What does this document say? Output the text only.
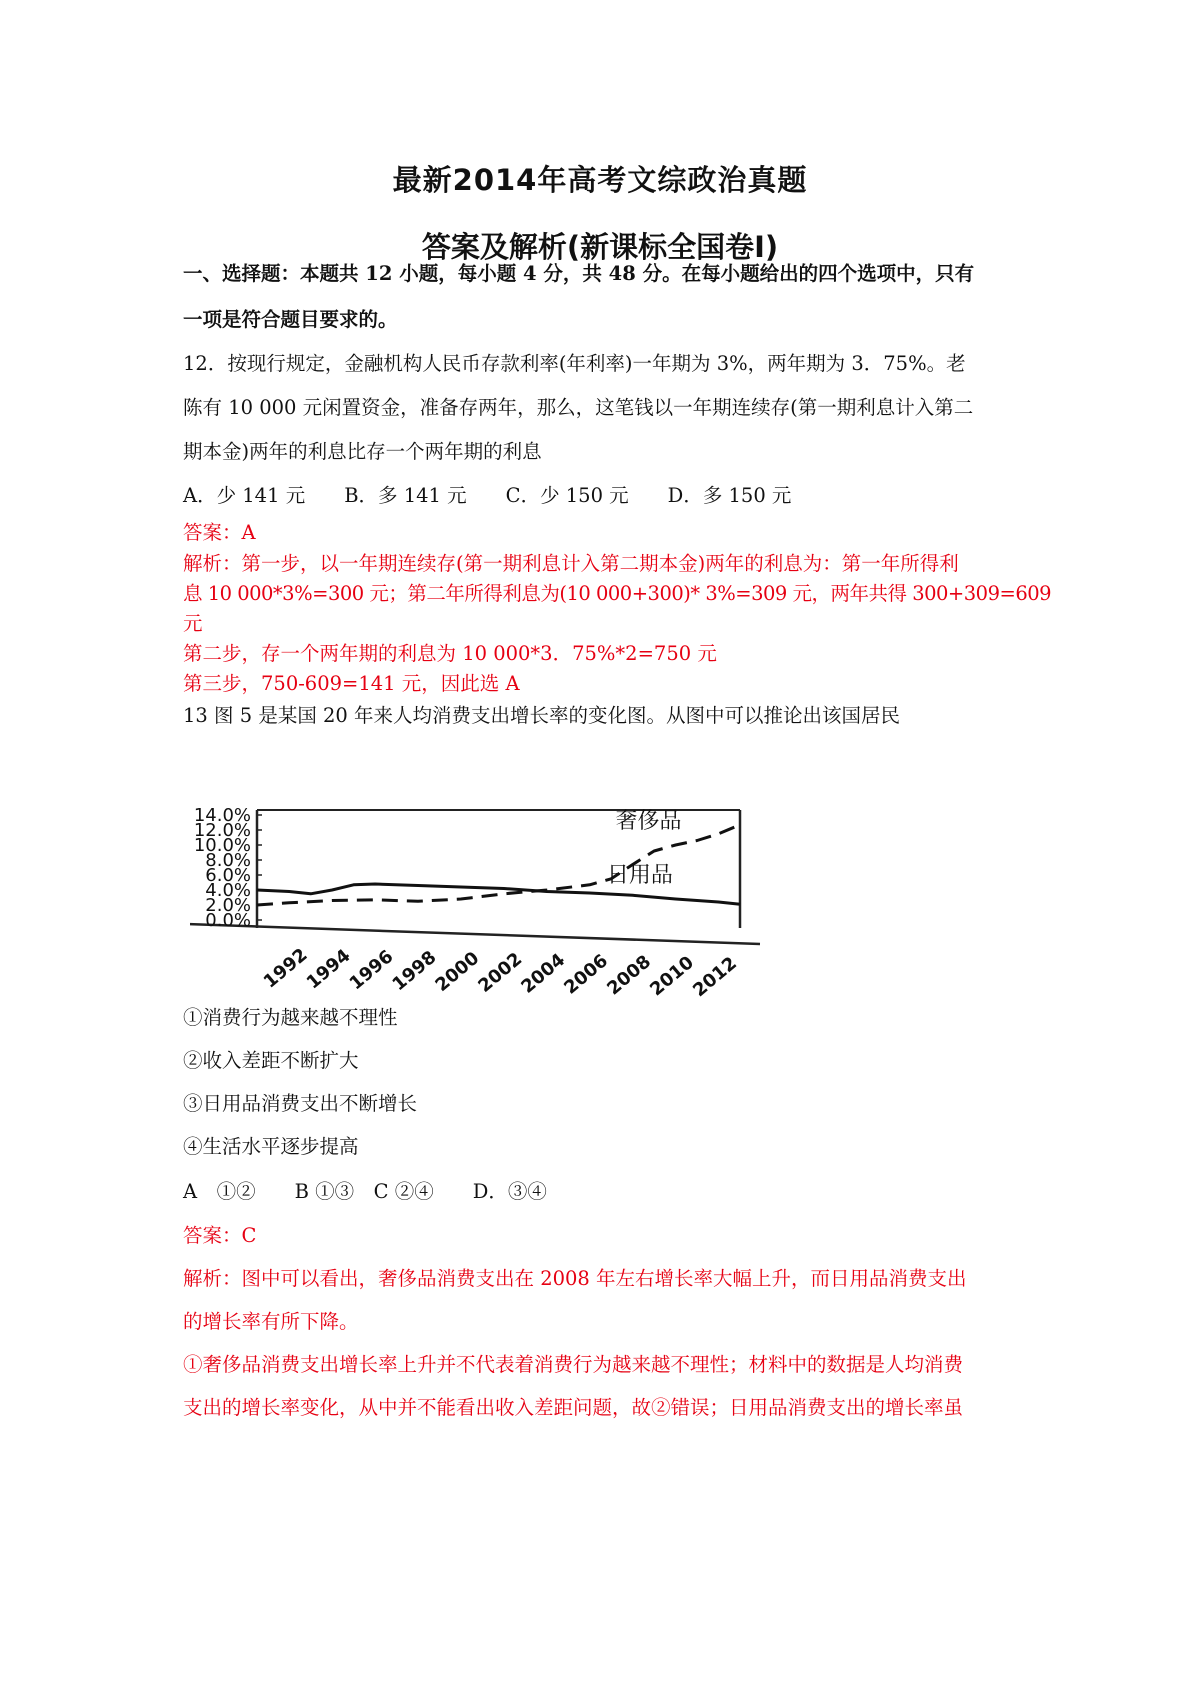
最新2014年高考文综政治真题
答案及解析(新课标全国卷I)
一、选择题：本题共 12 小题，每小题 4 分，共 48 分。在每小题给出的四个选项中，只有
一项是符合题目要求的。
12．按现行规定，金融机构人民币存款利率(年利率)一年期为 3%，两年期为 3．75%。老
陈有 10 000 元闲置资金，准备存两年，那么，这笔钱以一年期连续存(第一期利息计入第二
期本金)两年的利息比存一个两年期的利息
A．少 141 元　　B．多 141 元　　C．少 150 元　　D．多 150 元
答案：A
解析：第一步，以一年期连续存(第一期利息计入第二期本金)两年的利息为：第一年所得利
息 10 000*3%=300 元；第二年所得利息为(10 000+300)* 3%=309 元，两年共得 300+309=609
元
第二步，存一个两年期的利息为 10 000*3．75%*2=750 元
第三步，750-609=141 元，因此选 A
13 图 5 是某国 20 年来人均消费支出增长率的变化图。从图中可以推论出该国居民
14.0%
12.0%
10.0%
8.0%
6.0%
4.0%
2.0%
0.0%
1992
1994
1996
1998
2000
2002
2004
2006
2008
2010
2012
奢侈品
日用品
①消费行为越来越不理性
②收入差距不断扩大
③日用品消费支出不断增长
④生活水平逐步提高
A　①②　　B ①③　C ②④　　D．③④
答案：C
解析：图中可以看出，奢侈品消费支出在 2008 年左右增长率大幅上升，而日用品消费支出
的增长率有所下降。
①奢侈品消费支出增长率上升并不代表着消费行为越来越不理性；材料中的数据是人均消费
支出的增长率变化，从中并不能看出收入差距问题，故②错误；日用品消费支出的增长率虽
